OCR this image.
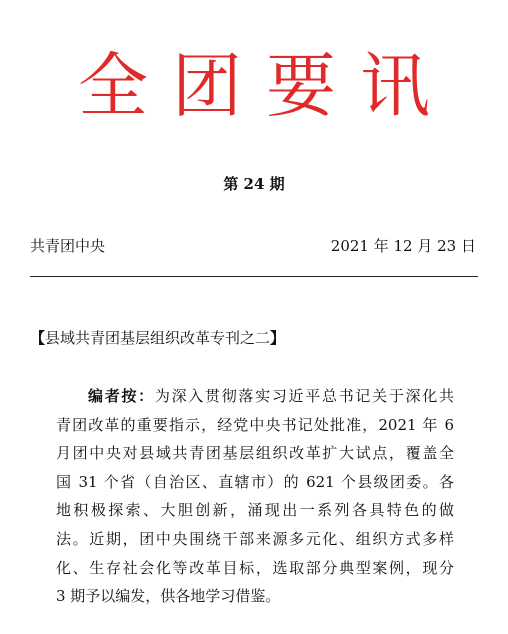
全团要讯
第 24 期
共青团中央	2021 年 12 月 23 日
【县域共青团基层组织改革专刊之二】
编者按：为深入贯彻落实习近平总书记关于深化共
青团改革的重要指示，经党中央书记处批准，2021 年 6
月团中央对县域共青团基层组织改革扩大试点，覆盖全
国 31 个省（自治区、直辖市）的 621 个县级团委。各
地积极探索、大胆创新，涌现出一系列各具特色的做
法。近期，团中央围绕干部来源多元化、组织方式多样
化、生存社会化等改革目标，选取部分典型案例，现分
3 期予以编发，供各地学习借鉴。
